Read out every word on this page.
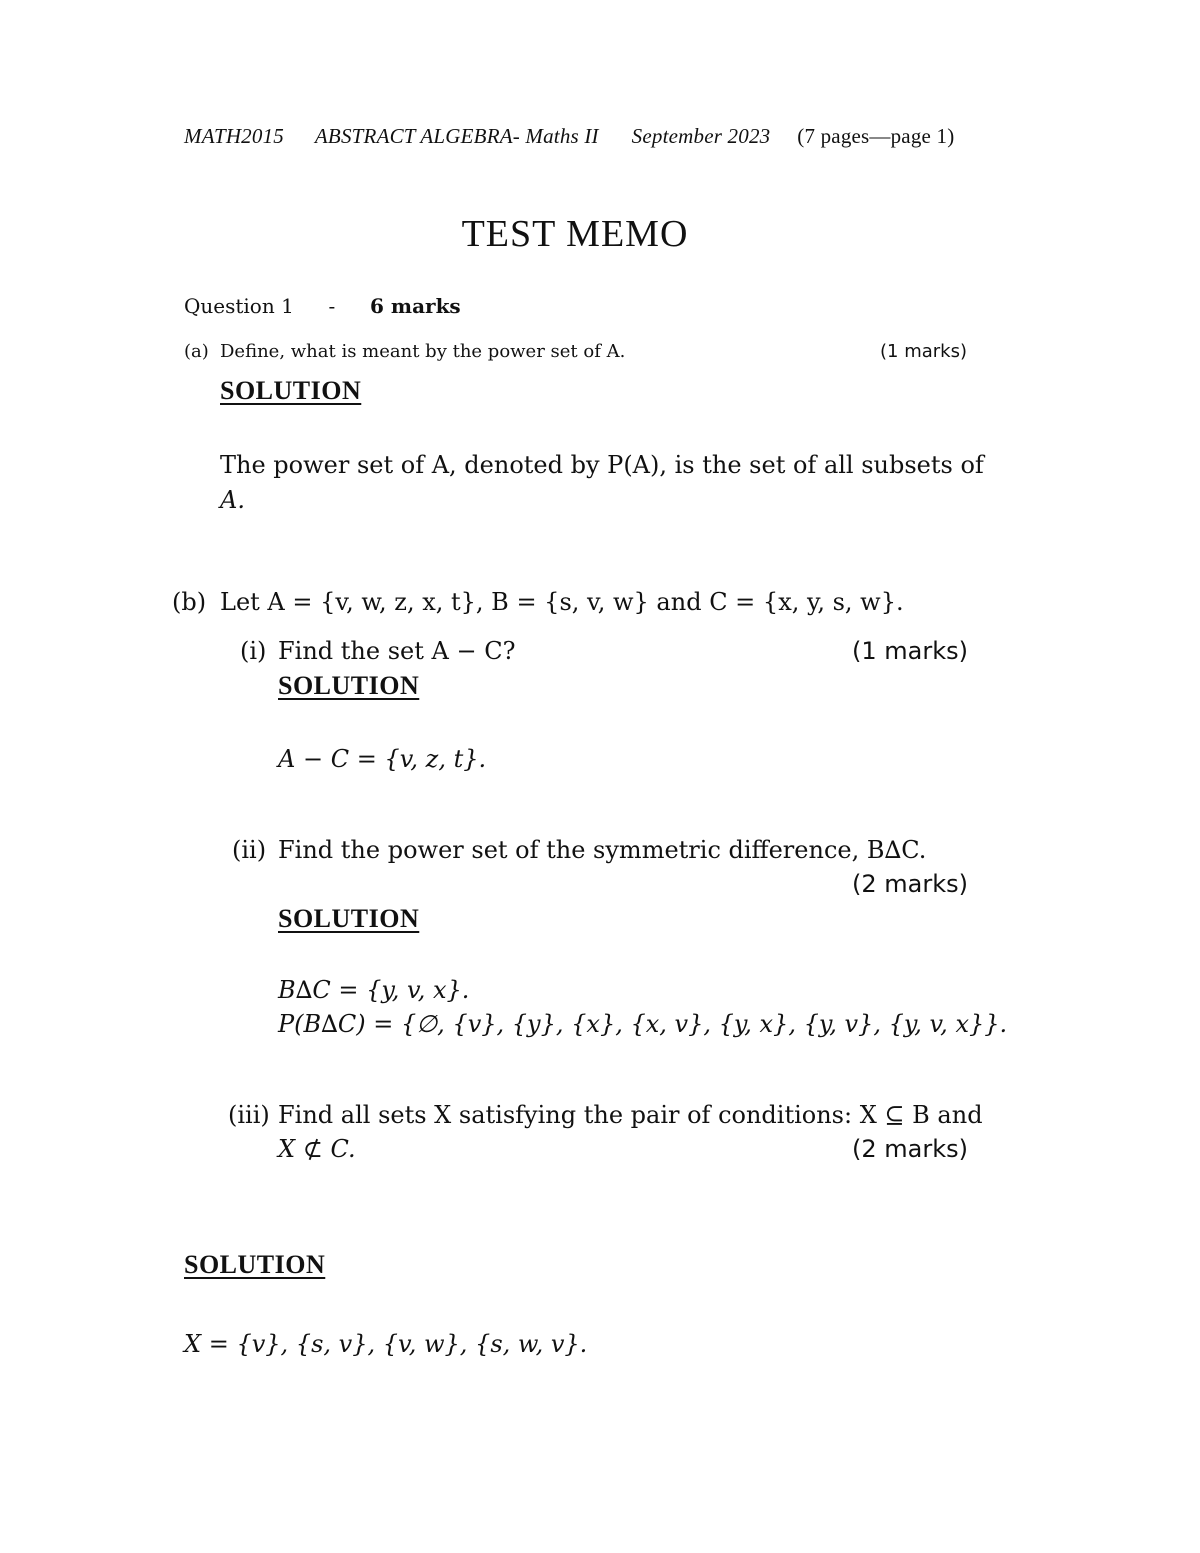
MATH2015 ABSTRACT ALGEBRA- Maths II September 2023 (7 pages—page 1)
TEST MEMO
Question 1 - 6 marks
(a) Define, what is meant by the power set of A.	(1 marks)
SOLUTION
The power set of A, denoted by P(A), is the set of all subsets of
A.
(b) Let A = {v, w, z, x, t}, B = {s, v, w} and C = {x, y, s, w}.
(i) Find the set A − C?	(1 marks)
SOLUTION
A − C = {v, z, t}.
(ii) Find the power set of the symmetric difference, B∆C.
(2 marks)
SOLUTION
B∆C = {y, v, x}.
P(B∆C) = {∅, {v}, {y}, {x}, {x, v}, {y, x}, {y, v}, {y, v, x}}.
(iii) Find all sets X satisfying the pair of conditions: X ⊆ B and
X ⊄ C.	(2 marks)
SOLUTION
X = {v}, {s, v}, {v, w}, {s, w, v}.
